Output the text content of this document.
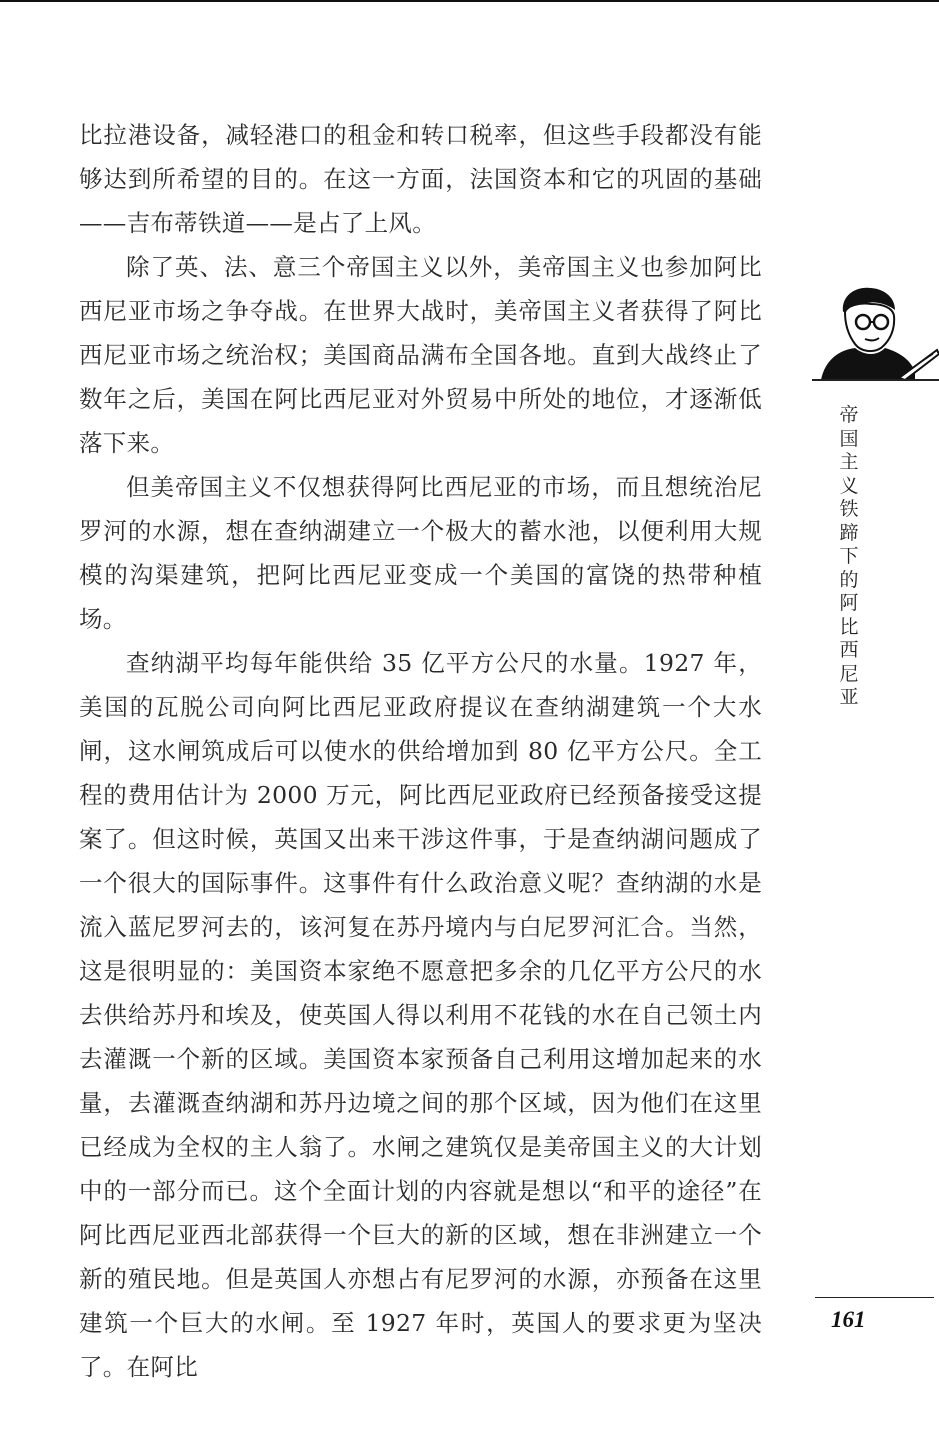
比拉港设备，减轻港口的租金和转口税率，但这些手段都没有能够达到所希望的目的。在这一方面，法国资本和它的巩固的基础——吉布蒂铁道——是占了上风。

除了英、法、意三个帝国主义以外，美帝国主义也参加阿比西尼亚市场之争夺战。在世界大战时，美帝国主义者获得了阿比西尼亚市场之统治权；美国商品满布全国各地。直到大战终止了数年之后，美国在阿比西尼亚对外贸易中所处的地位，才逐渐低落下来。

但美帝国主义不仅想获得阿比西尼亚的市场，而且想统治尼罗河的水源，想在查纳湖建立一个极大的蓄水池，以便利用大规模的沟渠建筑，把阿比西尼亚变成一个美国的富饶的热带种植场。

查纳湖平均每年能供给 35 亿平方公尺的水量。1927 年，美国的瓦脱公司向阿比西尼亚政府提议在查纳湖建筑一个大水闸，这水闸筑成后可以使水的供给增加到 80 亿平方公尺。全工程的费用估计为 2000 万元，阿比西尼亚政府已经预备接受这提案了。但这时候，英国又出来干涉这件事，于是查纳湖问题成了一个很大的国际事件。这事件有什么政治意义呢？查纳湖的水是流入蓝尼罗河去的，该河复在苏丹境内与白尼罗河汇合。当然，这是很明显的：美国资本家绝不愿意把多余的几亿平方公尺的水去供给苏丹和埃及，使英国人得以利用不花钱的水在自己领土内去灌溉一个新的区域。美国资本家预备自己利用这增加起来的水量，去灌溉查纳湖和苏丹边境之间的那个区域，因为他们在这里已经成为全权的主人翁了。水闸之建筑仅是美帝国主义的大计划中的一部分而已。这个全面计划的内容就是想以“和平的途径”在阿比西尼亚西北部获得一个巨大的新的区域，想在非洲建立一个新的殖民地。但是英国人亦想占有尼罗河的水源，亦预备在这里建筑一个巨大的水闸。至 1927 年时，英国人的要求更为坚决了。在阿比

帝国主义铁蹄下的阿比西尼亚
161
